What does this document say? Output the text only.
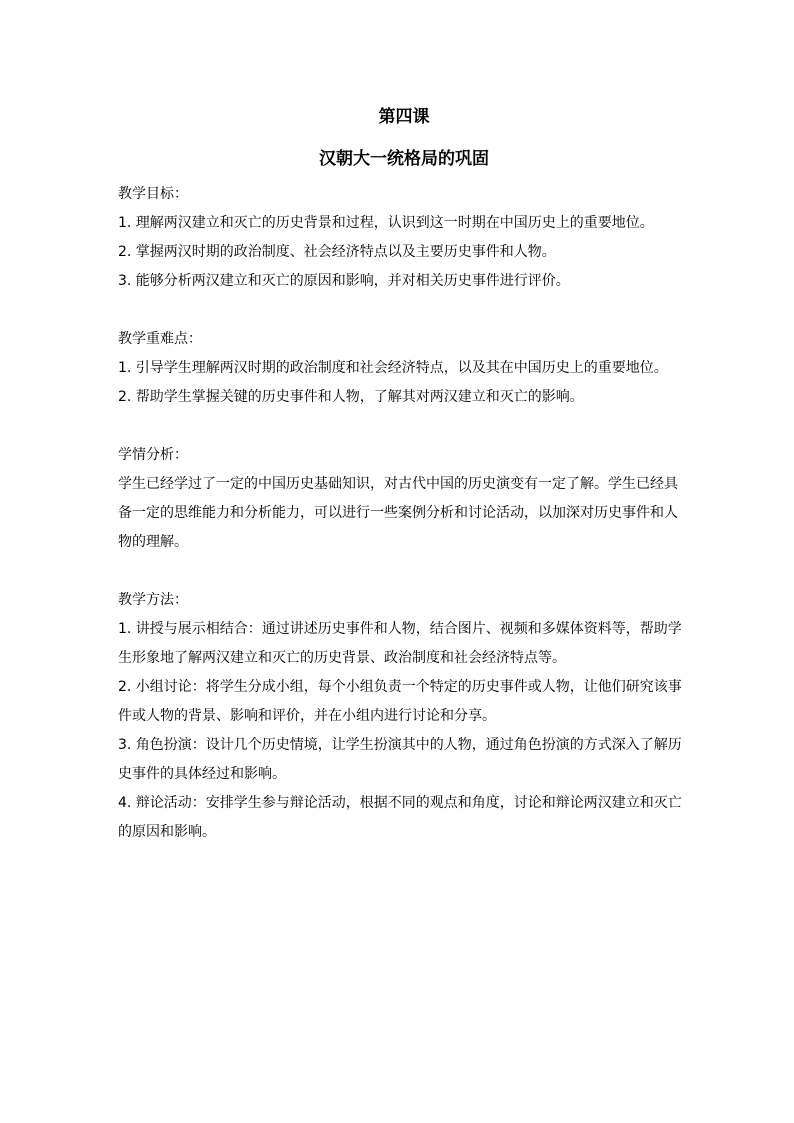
第四课
汉朝大一统格局的巩固

教学目标：

1. 理解两汉建立和灭亡的历史背景和过程，认识到这一时期在中国历史上的重要地位。
2. 掌握两汉时期的政治制度、社会经济特点以及主要历史事件和人物。
3. 能够分析两汉建立和灭亡的原因和影响，并对相关历史事件进行评价。

教学重难点：

1. 引导学生理解两汉时期的政治制度和社会经济特点，以及其在中国历史上的重要地位。
2. 帮助学生掌握关键的历史事件和人物，了解其对两汉建立和灭亡的影响。

学情分析：

学生已经学过了一定的中国历史基础知识，对古代中国的历史演变有一定了解。学生已经具备一定的思维能力和分析能力，可以进行一些案例分析和讨论活动，以加深对历史事件和人物的理解。

教学方法：

1. 讲授与展示相结合：通过讲述历史事件和人物，结合图片、视频和多媒体资料等，帮助学生形象地了解两汉建立和灭亡的历史背景、政治制度和社会经济特点等。
2. 小组讨论：将学生分成小组，每个小组负责一个特定的历史事件或人物，让他们研究该事件或人物的背景、影响和评价，并在小组内进行讨论和分享。
3. 角色扮演：设计几个历史情境，让学生扮演其中的人物，通过角色扮演的方式深入了解历史事件的具体经过和影响。
4. 辩论活动：安排学生参与辩论活动，根据不同的观点和角度，讨论和辩论两汉建立和灭亡的原因和影响。
